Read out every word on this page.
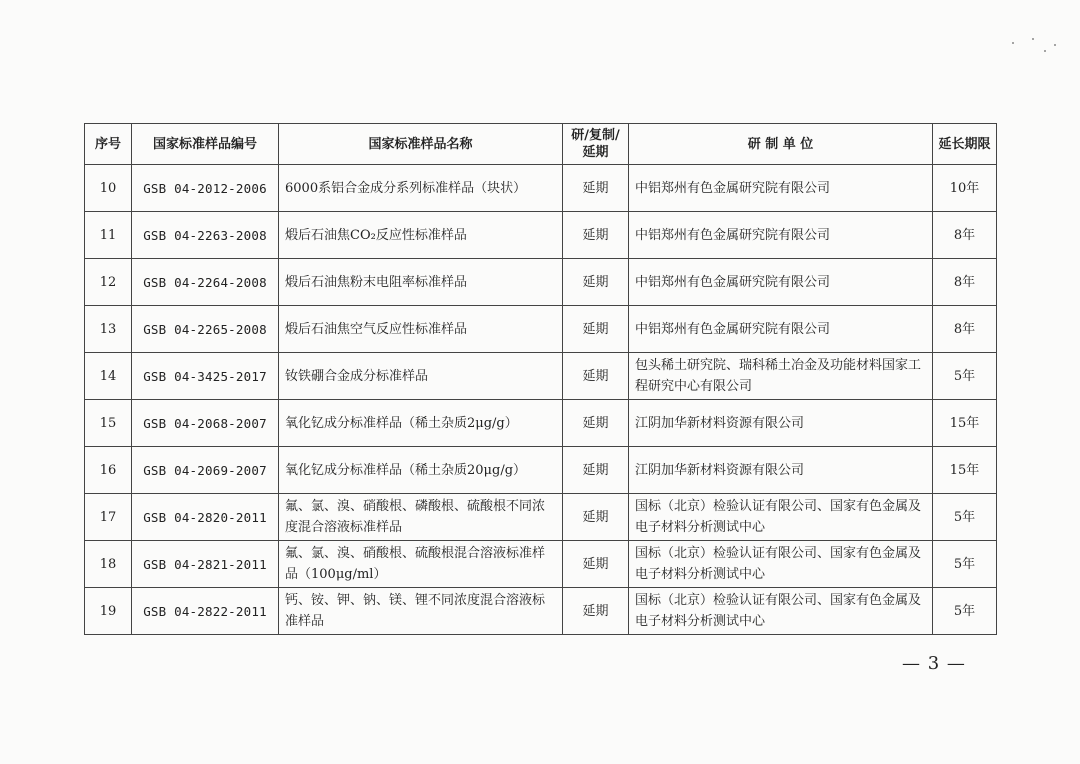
序号	国家标准样品编号	国家标准样品名称	研/复制/延期	研 制 单 位	延长期限
10	GSB 04-2012-2006	6000系铝合金成分系列标准样品（块状）	延期	中铝郑州有色金属研究院有限公司	10年
11	GSB 04-2263-2008	煅后石油焦CO₂反应性标准样品	延期	中铝郑州有色金属研究院有限公司	8年
12	GSB 04-2264-2008	煅后石油焦粉末电阻率标准样品	延期	中铝郑州有色金属研究院有限公司	8年
13	GSB 04-2265-2008	煅后石油焦空气反应性标准样品	延期	中铝郑州有色金属研究院有限公司	8年
14	GSB 04-3425-2017	钕铁硼合金成分标准样品	延期	包头稀土研究院、瑞科稀土冶金及功能材料国家工程研究中心有限公司	5年
15	GSB 04-2068-2007	氧化钇成分标准样品（稀土杂质2μg/g）	延期	江阴加华新材料资源有限公司	15年
16	GSB 04-2069-2007	氧化钇成分标准样品（稀土杂质20μg/g）	延期	江阴加华新材料资源有限公司	15年
17	GSB 04-2820-2011	氟、氯、溴、硝酸根、磷酸根、硫酸根不同浓度混合溶液标准样品	延期	国标（北京）检验认证有限公司、国家有色金属及电子材料分析测试中心	5年
18	GSB 04-2821-2011	氟、氯、溴、硝酸根、硫酸根混合溶液标准样品（100μg/ml）	延期	国标（北京）检验认证有限公司、国家有色金属及电子材料分析测试中心	5年
19	GSB 04-2822-2011	钙、铵、钾、钠、镁、锂不同浓度混合溶液标准样品	延期	国标（北京）检验认证有限公司、国家有色金属及电子材料分析测试中心	5年
— 3 —
